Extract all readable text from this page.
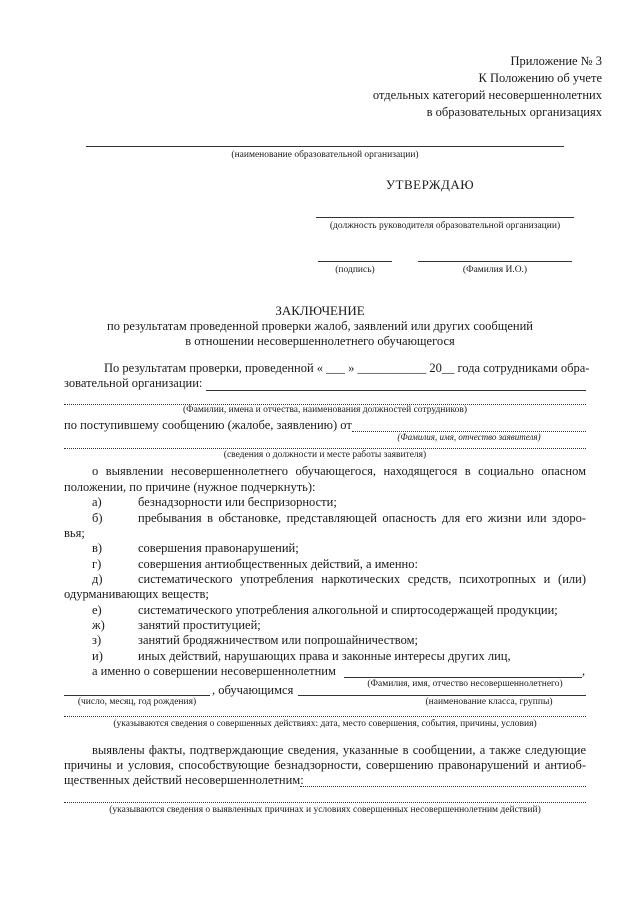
Приложение № 3
К Положению об учете
отдельных категорий несовершеннолетних
в образовательных организациях
(наименование образовательной организации)
УТВЕРЖДАЮ
(должность руководителя образовательной организации)
(подпись)	(Фамилия И.О.)
ЗАКЛЮЧЕНИЕ
по результатам проведенной проверки жалоб, заявлений или других сообщений
в отношении несовершеннолетнего обучающегося
По результатам проверки, проведенной « ___ » ___________ 20__ года сотрудниками обра-
зовательной организации:
(Фамилии, имена и отчества, наименования должностей сотрудников)
по поступившему сообщению (жалобе, заявлению) от
(Фамилия, имя, отчество заявителя)
(сведения о должности и месте работы заявителя)
о выявлении несовершеннолетнего обучающегося, находящегося в социально опасном
положении, по причине (нужное подчеркнуть):
а)	безнадзорности или беспризорности;
б)	пребывания в обстановке, представляющей опасность для его жизни или здоро-
вья;
в)	совершения правонарушений;
г)	совершения антиобщественных действий, а именно:
д)	систематического употребления наркотических средств, психотропных и (или)
одурманивающих веществ;
е)	систематического употребления алкогольной и спиртосодержащей продукции;
ж)	занятий проституцией;
з)	занятий бродяжничеством или попрошайничеством;
и)	иных действий, нарушающих права и законные интересы других лиц,
а именно о совершении несовершеннолетним	,
(Фамилия, имя, отчество несовершеннолетнего)
, обучающимся
(число, месяц, год рождения)	(наименование класса, группы)
(указываются сведения о совершенных действиях: дата, место совершения, события, причины, условия)
выявлены факты, подтверждающие сведения, указанные в сообщении, а также следующие
причины и условия, способствующие безнадзорности, совершению правонарушений и антиоб-
щественных действий несовершеннолетним:
(указываются сведения о выявленных причинах и условиях совершенных несовершеннолетним действий)
